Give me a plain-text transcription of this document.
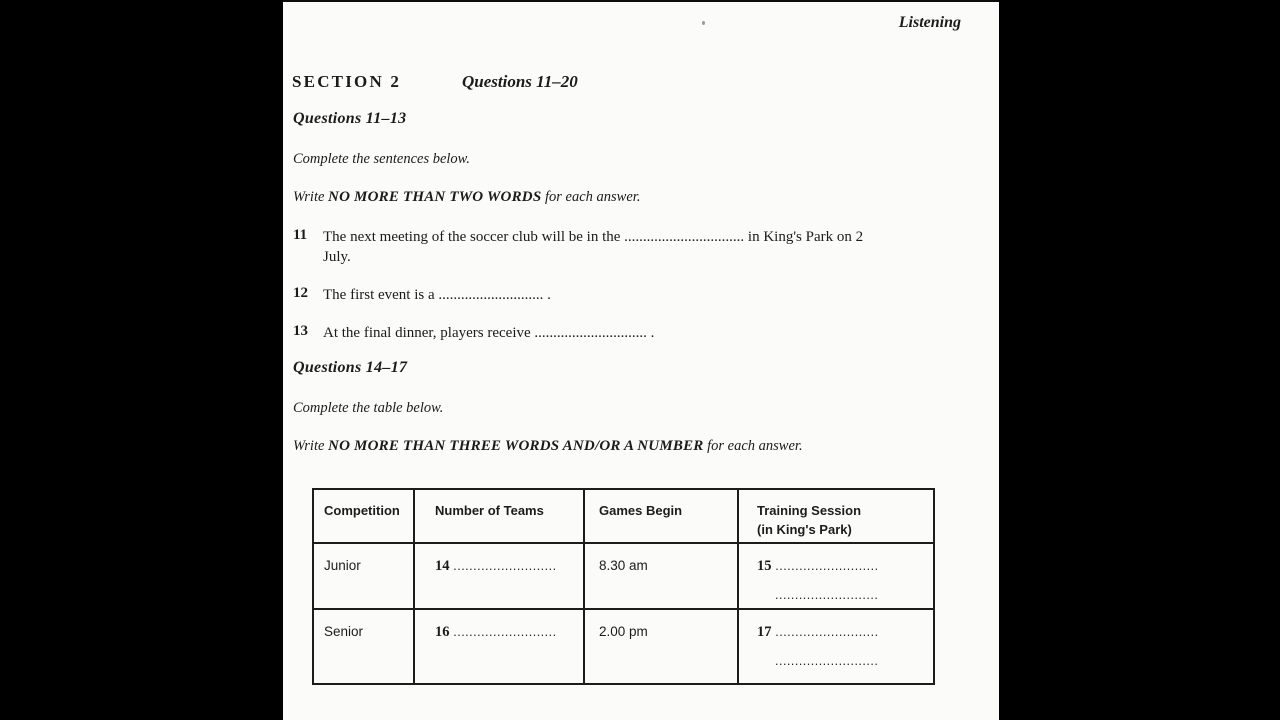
Listening
SECTION 2	Questions 11–20
Questions 11–13
Complete the sentences below.
Write NO MORE THAN TWO WORDS for each answer.
11	The next meeting of the soccer club will be in the ................................ in King's Park on 2
July.
12	The first event is a ............................ .
13	At the final dinner, players receive .............................. .
Questions 14–17
Complete the table below.
Write NO MORE THAN THREE WORDS AND/OR A NUMBER for each answer.
Competition	Number of Teams	Games Begin	Training Session
(in King's Park)

Junior	14 ..........................	8.30 am	15 ..........................
..........................

Senior	16 ..........................	2.00 pm	17 ..........................
..........................
